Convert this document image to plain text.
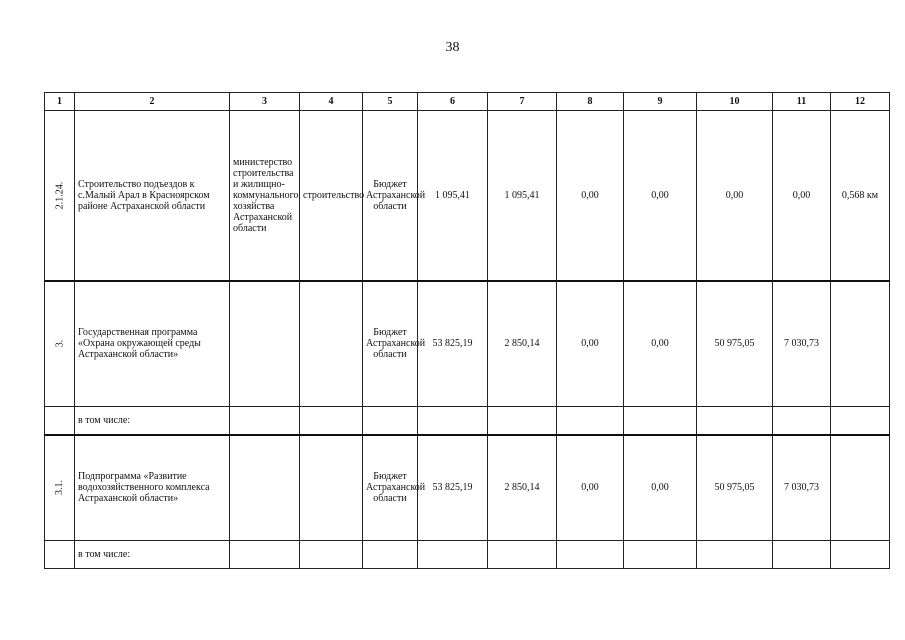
38
1	2	3	4	5	6	7	8	9	10	11	12
2.1.24.	Строительство подъездов к с.Малый Арал в Красноярском районе Астраханской области	министерство строительства и жилищно-коммунального хозяйства Астраханской области	строительство	Бюджет Астраханской области	1 095,41	1 095,41	0,00	0,00	0,00	0,00	0,568 км
3.	Государственная программа «Охрана окружающей среды Астраханской области»			Бюджет Астраханской области	53 825,19	2 850,14	0,00	0,00	50 975,05	7 030,73	
	в том числе:										
3.1.	Подпрограмма «Развитие водохозяйственного комплекса Астраханской области»			Бюджет Астраханской области	53 825,19	2 850,14	0,00	0,00	50 975,05	7 030,73	
	в том числе:										
